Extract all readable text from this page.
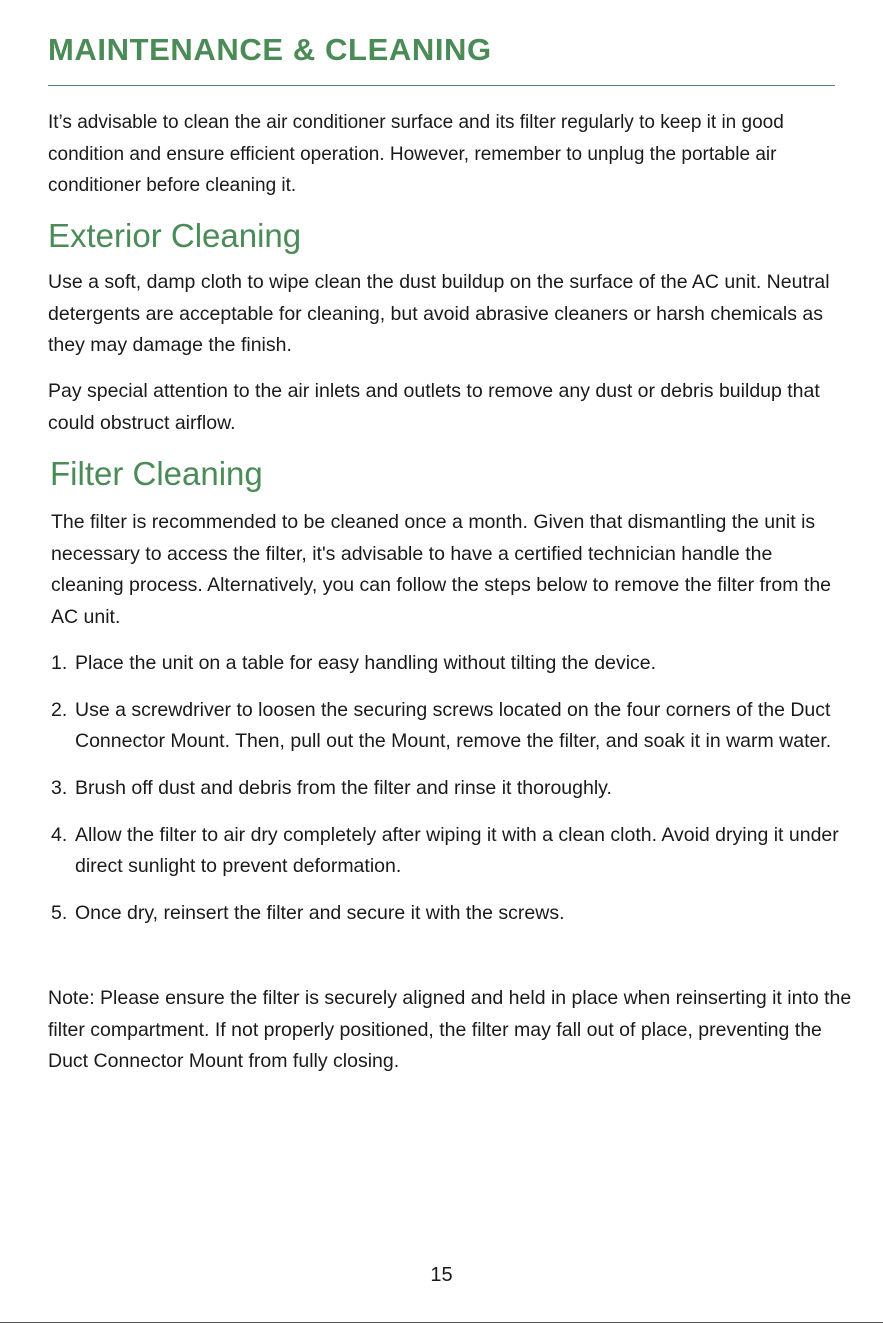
MAINTENANCE & CLEANING

It’s advisable to clean the air conditioner surface and its filter regularly to keep it in good condition and ensure efficient operation. However, remember to unplug the portable air conditioner before cleaning it.

Exterior Cleaning

Use a soft, damp cloth to wipe clean the dust buildup on the surface of the AC unit. Neutral detergents are acceptable for cleaning, but avoid abrasive cleaners or harsh chemicals as they may damage the finish.

Pay special attention to the air inlets and outlets to remove any dust or debris buildup that could obstruct airflow.

Filter Cleaning

The filter is recommended to be cleaned once a month. Given that dismantling the unit is necessary to access the filter, it's advisable to have a certified technician handle the cleaning process. Alternatively, you can follow the steps below to remove the filter from the AC unit.

1. Place the unit on a table for easy handling without tilting the device.
2. Use a screwdriver to loosen the securing screws located on the four corners of the Duct Connector Mount. Then, pull out the Mount, remove the filter, and soak it in warm water.
3. Brush off dust and debris from the filter and rinse it thoroughly.
4. Allow the filter to air dry completely after wiping it with a clean cloth. Avoid drying it under direct sunlight to prevent deformation.
5. Once dry, reinsert the filter and secure it with the screws.

Note: Please ensure the filter is securely aligned and held in place when reinserting it into the filter compartment. If not properly positioned, the filter may fall out of place, preventing the Duct Connector Mount from fully closing.

15
